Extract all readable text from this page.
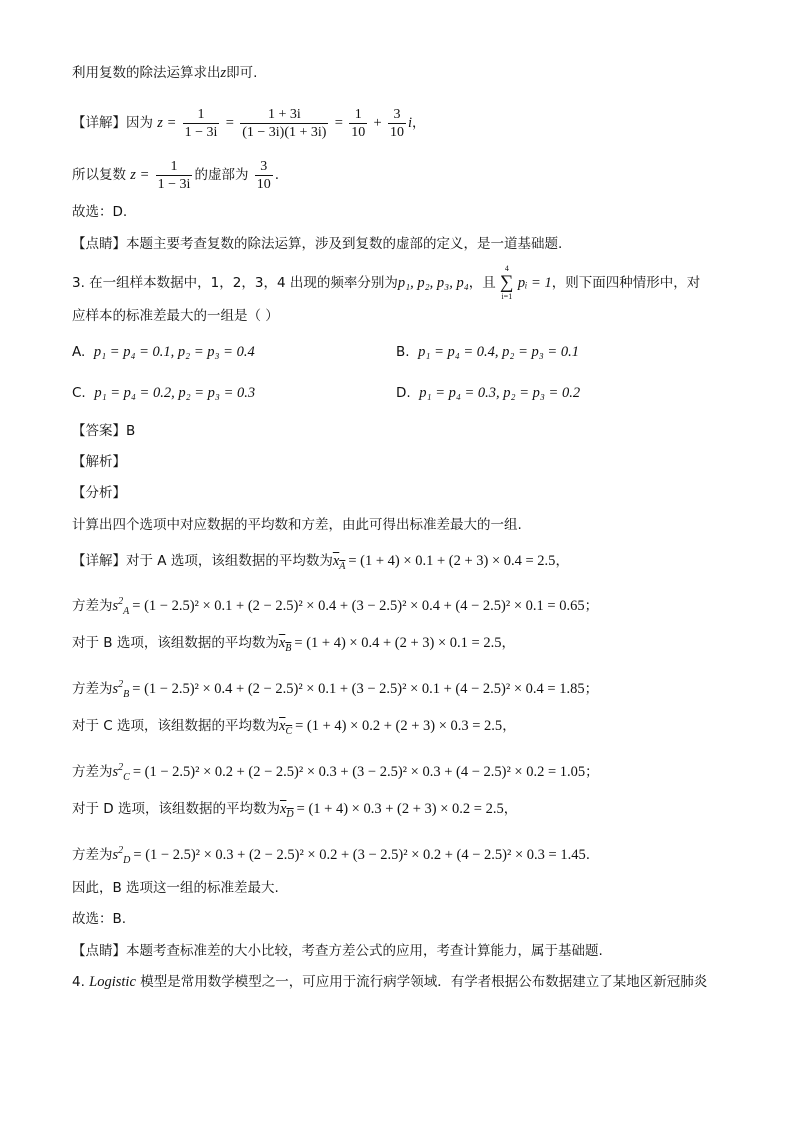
利用复数的除法运算求出z即可.
【详解】因为 $z = \frac{1}{1 - 3i} = \frac{1 + 3i}{(1 - 3i)(1 + 3i)} = \frac{1}{10} + \frac{3}{10}$ i，
所以复数 $z = \frac{1}{1 - 3i}$ 的虚部为 $\frac{3}{10}$ .
故选：D.
【点睛】本题主要考查复数的除法运算，涉及到复数的虚部的定义，是一道基础题.
3. 在一组样本数据中，1，2，3，4 出现的频率分别为p₁, p₂, p₃, p₄，且
4
∑
i=1
pᵢ = 1，则下面四种情形中，对
应样本的标准差最大的一组是（ ）
A. p₁ = p₄ = 0.1, p₂ = p₃ = 0.4	B. p₁ = p₄ = 0.4, p₂ = p₃ = 0.1
C. p₁ = p₄ = 0.2, p₂ = p₃ = 0.3	D. p₁ = p₄ = 0.3, p₂ = p₃ = 0.2
【答案】B
【解析】
【分析】
计算出四个选项中对应数据的平均数和方差，由此可得出标准差最大的一组.
【详解】对于 A 选项，该组数据的平均数为$x_A = (1 + 4) \times 0.1 + (2 + 3) \times 0.4 = 2.5$，
方差为$s^2_A = (1 - 2.5)^2 \times 0.1 + (2 - 2.5)^2 \times 0.4 + (3 - 2.5)^2 \times 0.4 + (4 - 2.5)^2 \times 0.1 = 0.65$；
对于 B 选项，该组数据的平均数为$x_B = (1 + 4) \times 0.4 + (2 + 3) \times 0.1 = 2.5$，
方差为$s^2_B = (1 - 2.5)^2 \times 0.4 + (2 - 2.5)^2 \times 0.1 + (3 - 2.5)^2 \times 0.1 + (4 - 2.5)^2 \times 0.4 = 1.85$；
对于 C 选项，该组数据的平均数为$x_C = (1 + 4) \times 0.2 + (2 + 3) \times 0.3 = 2.5$，
方差为$s^2_C = (1 - 2.5)^2 \times 0.2 + (2 - 2.5)^2 \times 0.3 + (3 - 2.5)^2 \times 0.3 + (4 - 2.5)^2 \times 0.2 = 1.05$；
对于 D 选项，该组数据的平均数为$x_D = (1 + 4) \times 0.3 + (2 + 3) \times 0.2 = 2.5$，
方差为$s^2_D = (1 - 2.5)^2 \times 0.3 + (2 - 2.5)^2 \times 0.2 + (3 - 2.5)^2 \times 0.2 + (4 - 2.5)^2 \times 0.3 = 1.45$.
因此，B 选项这一组的标准差最大.
故选：B.
【点睛】本题考查标准差的大小比较，考查方差公式的应用，考查计算能力，属于基础题.
4. Logistic 模型是常用数学模型之一，可应用于流行病学领域．有学者根据公布数据建立了某地区新冠肺炎
